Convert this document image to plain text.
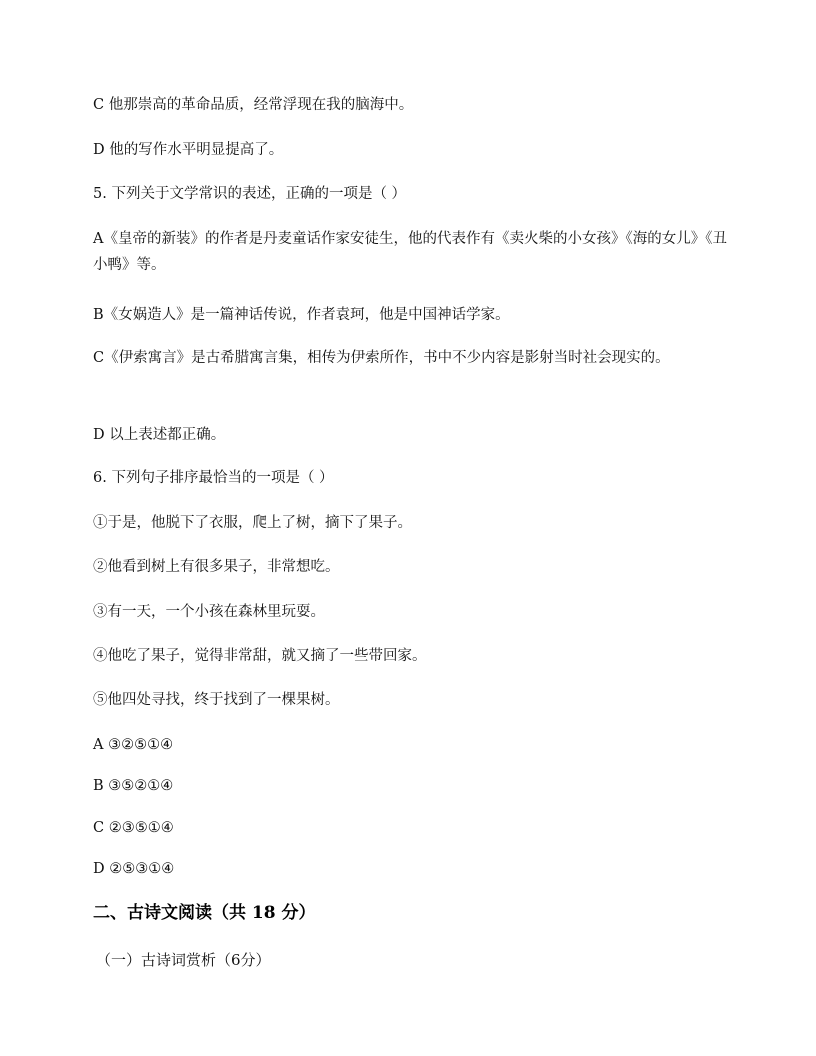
C 他那崇高的革命品质，经常浮现在我的脑海中。
D 他的写作水平明显提高了。
5. 下列关于文学常识的表述，正确的一项是（ ）
A《皇帝的新装》的作者是丹麦童话作家安徒生，他的代表作有《卖火柴的小女孩》《海的女儿》《丑小鸭》等。
B《女娲造人》是一篇神话传说，作者袁珂，他是中国神话学家。
C《伊索寓言》是古希腊寓言集，相传为伊索所作，书中不少内容是影射当时社会现实的。
D 以上表述都正确。
6. 下列句子排序最恰当的一项是（ ）
①于是，他脱下了衣服，爬上了树，摘下了果子。
②他看到树上有很多果子，非常想吃。
③有一天，一个小孩在森林里玩耍。
④他吃了果子，觉得非常甜，就又摘了一些带回家。
⑤他四处寻找，终于找到了一棵果树。
A ③②⑤①④
B ③⑤②①④
C ②③⑤①④
D ②⑤③①④
二、古诗文阅读（共 18 分）
（一）古诗词赏析（6分）
